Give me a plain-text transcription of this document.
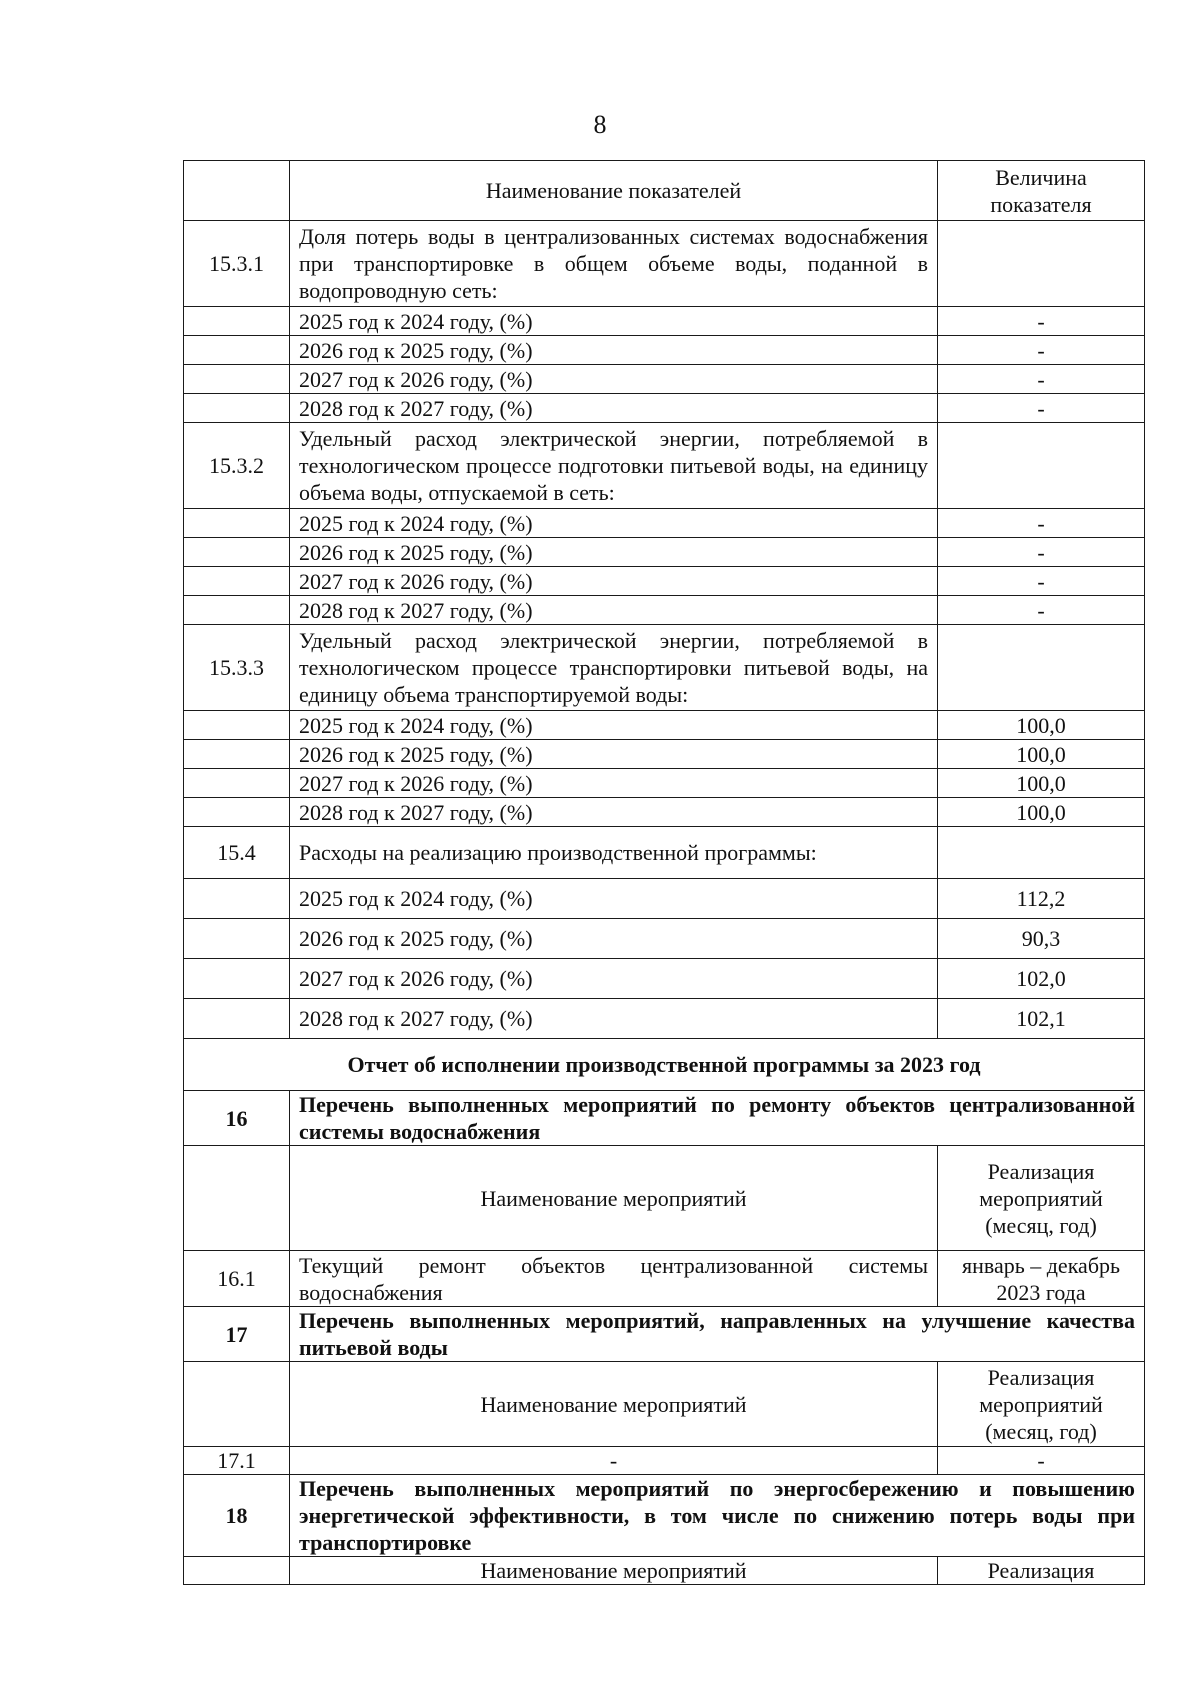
8
	Наименование показателей	Величина показателя
15.3.1	Доля потерь воды в централизованных системах водоснабжения при транспортировке в общем объеме воды, поданной в водопроводную сеть:	
	2025 год к 2024 году, (%)	-
	2026 год к 2025 году, (%)	-
	2027 год к 2026 году, (%)	-
	2028 год к 2027 году, (%)	-
15.3.2	Удельный расход электрической энергии, потребляемой в технологическом процессе подготовки питьевой воды, на единицу объема воды, отпускаемой в сеть:	
	2025 год к 2024 году, (%)	-
	2026 год к 2025 году, (%)	-
	2027 год к 2026 году, (%)	-
	2028 год к 2027 году, (%)	-
15.3.3	Удельный расход электрической энергии, потребляемой в технологическом процессе транспортировки питьевой воды, на единицу объема транспортируемой воды:	
	2025 год к 2024 году, (%)	100,0
	2026 год к 2025 году, (%)	100,0
	2027 год к 2026 году, (%)	100,0
	2028 год к 2027 году, (%)	100,0
15.4	Расходы на реализацию производственной программы:	
	2025 год к 2024 году, (%)	112,2
	2026 год к 2025 году, (%)	90,3
	2027 год к 2026 году, (%)	102,0
	2028 год к 2027 году, (%)	102,1
Отчет об исполнении производственной программы за 2023 год		
16	Перечень выполненных мероприятий по ремонту объектов централизованной системы водоснабжения	
	Наименование мероприятий	Реализация мероприятий (месяц, год)
16.1	Текущий ремонт объектов централизованной системы водоснабжения	январь – декабрь 2023 года
17	Перечень выполненных мероприятий, направленных на улучшение качества питьевой воды	
	Наименование мероприятий	Реализация мероприятий (месяц, год)
17.1	-	-
18	Перечень выполненных мероприятий по энергосбережению и повышению энергетической эффективности, в том числе по снижению потерь воды при транспортировке	
	Наименование мероприятий	Реализация
